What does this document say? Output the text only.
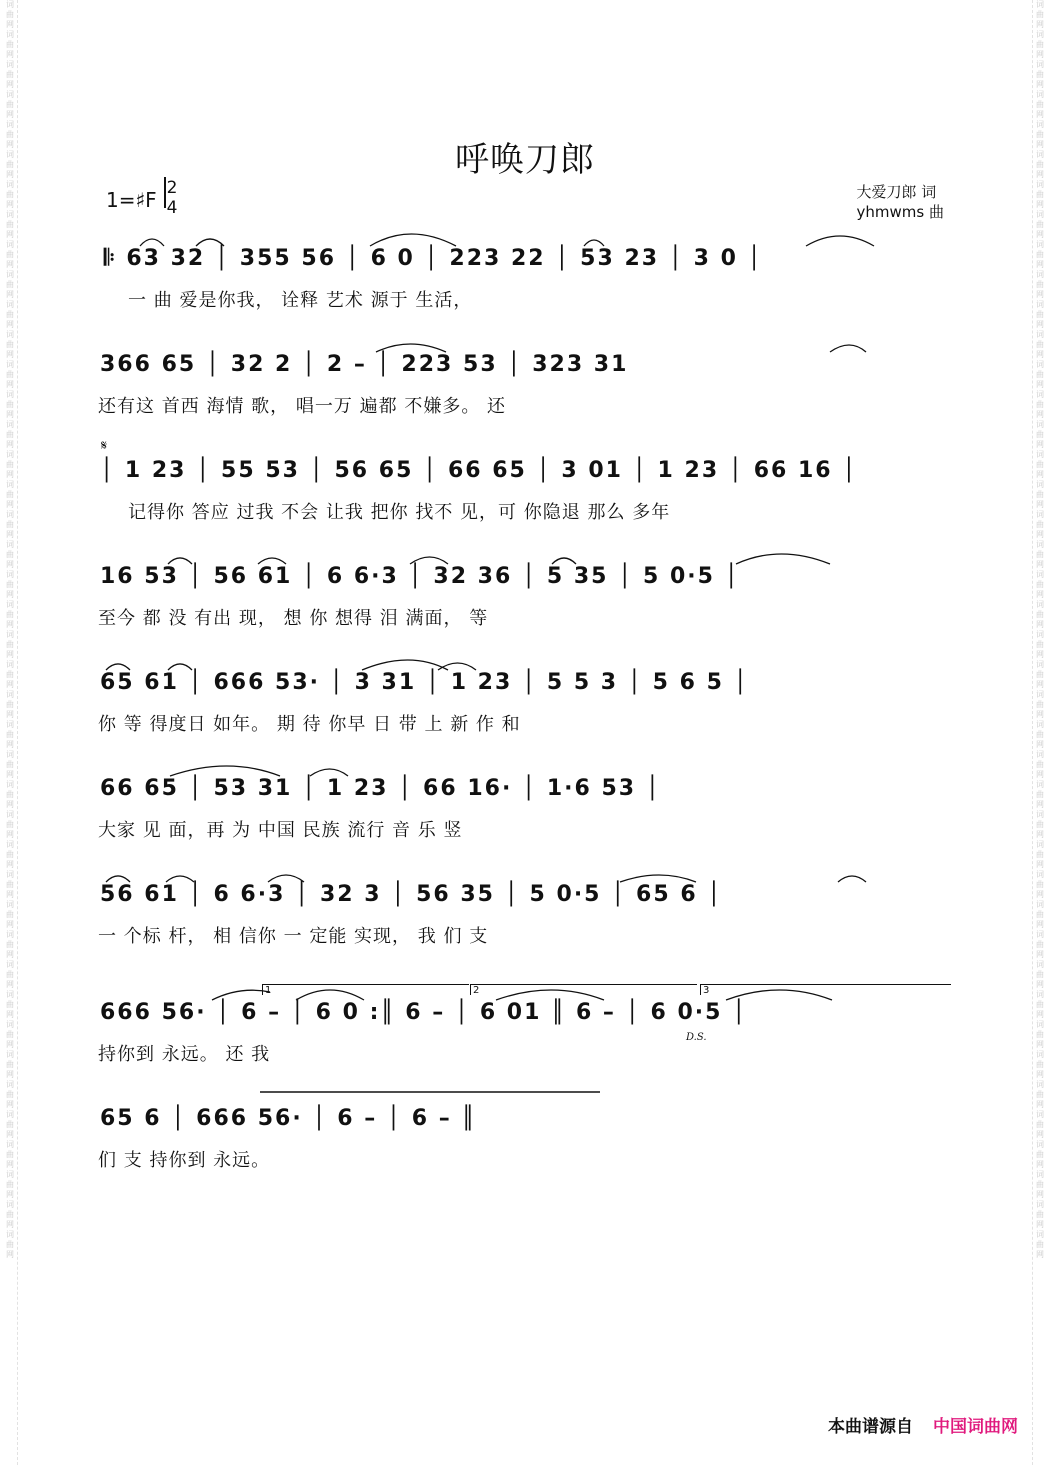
词曲网词曲网词曲网词曲网词曲网词曲网词曲网词曲网词曲网词曲网词曲网词曲网词曲网词曲网词曲网词曲网词曲网词曲网词曲网词曲网词曲网词曲网词曲网词曲网词曲网词曲网词曲网词曲网词曲网词曲网词曲网词曲网词曲网词曲网词曲网词曲网词曲网词曲网词曲网词曲网词曲网词曲网
词曲网词曲网词曲网词曲网词曲网词曲网词曲网词曲网词曲网词曲网词曲网词曲网词曲网词曲网词曲网词曲网词曲网词曲网词曲网词曲网词曲网词曲网词曲网词曲网词曲网词曲网词曲网词曲网词曲网词曲网词曲网词曲网词曲网词曲网词曲网词曲网词曲网词曲网词曲网词曲网词曲网词曲网
呼唤刀郎
1=♯F 2
4
大爱刀郎 词
yhmwms 曲
𝄆 63 32 │ 355 56 │ 6 0 │ 223 22 │ 53 23 │ 3 0 │
一 曲 爱是你我， 诠释 艺术 源于 生活，
366 65 │ 32 2 │ 2 – │ 223 53 │ 323 31
还有这 首西 海情 歌， 唱一万 遍都 不嫌多。 还
𝄋
│ 1 23 │ 55 53 │ 56 65 │ 66 65 │ 3 01 │ 1 23 │ 66 16 │
记得你 答应 过我 不会 让我 把你 找不 见，可 你隐退 那么 多年
16 53 │ 56 61 │ 6 6·3 │ 32 36 │ 5 35 │ 5 0·5 │
至今 都 没 有出 现， 想 你 想得 泪 满面， 等
65 61 │ 666 53· │ 3 31 │ 1 23 │ 5 5 3 │ 5 6 5 │
你 等 得度日 如年。 期 待 你早 日 带 上 新 作 和
66 65 │ 53 31 │ 1 23 │ 66 16· │ 1·6 53 │
大家 见 面，再 为 中国 民族 流行 音 乐 竖
56 61 │ 6 6·3 │ 32 3 │ 56 35 │ 5 0·5 │ 65 6 │
一 个标 杆， 相 信你 一 定能 实现， 我 们 支
1	2	3
666 56· │ 6 – │ 6 0 :║ 6 – │ 6 01 ║ 6 – │ 6 0·5 │
D.S.
持你到 永远。 还 我
65 6 │ 666 56· │ 6 – │ 6 – ║
们 支 持你到 永远。
本曲谱源自 中国词曲网
